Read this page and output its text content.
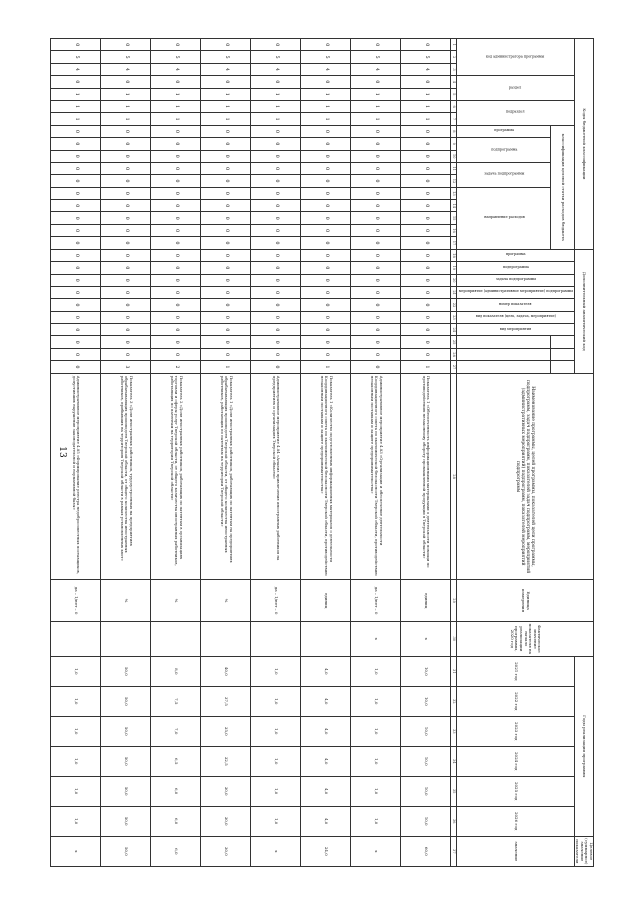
13
Коды бюджетной классификации																	Дополнительный аналитический код										Наименование программы, целей программы, показателей цели программы, подпрограмм, задач подпрограмм, показателей задач подпрограмм, мероприятий (административных мероприятий) подпрограмм, показателей мероприятий подпрограмм	Единица измерения	Фактическое значение показателя на начало реализации программы, 2020 год	Годы реализации программы						Целевое (суммарное) значение показателя
код администратора программы			раздел		подраздел		классификация целевой статьи расходов бюджета										программа	подпрограмма	задача подпрограммы	мероприятие (административное мероприятие) подпрограммы	номер показателя	вид показателя (цель, задача, мероприятие)	вид мероприятия							2021 год	2022 год	2023 год	2024 год	2025 год	2026 год	значение
							программа	подпрограмма		задача подпрограммы		направление расходов																								
1	2	3	4	5	6	7	8	9	10	11	12	13	14	15	16	17	18	19	20	21	22	23	24	25	26	27	28	29	30	31	32	33	34	35	36	37
0	5	4	0	1	1	1	0	0	0	0	0	0	0	0	0	0	0	0	0	0	0	0	0	0	0	1	Показатель 1 «Обеспеченность информационными материалами о деятельности помощи по противодействию незаконному обороту промышленной продукции в Тверской области»	единиц	x	10,0	10,0	10,0	10,0	10,0	10,0	60,0
0	5	4	0	1	1	1	0	0	0	0	0	0	0	0	0	0	0	0	0	0	0	0	0	0	0	0	Административное мероприятие 4.03 «Организация и обеспечение деятельности Координационного совета по экономической безопасности Тверской области, противодействию незаконным поставкам и защите предпринимательства»	да – 1/нет – 0	x	1,0	1,0	1,0	1,0	1,0	1,0	x
0	5	4	0	1	1	1	0	0	0	0	0	0	0	0	0	0	0	0	0	0	0	0	0	0	0	1	Показатель 1 «Количество подготовленных информационных материалов о деятельности Координационного совета по экономической безопасности Тверской области, противодействию незаконным поставкам и защите предпринимательства»	единиц		4,0	4,0	4,0	4,0	4,0	4,0	24,0
0	5	4	0	1	1	1	0	0	0	0	0	0	0	0	0	0	0	0	0	0	0	0	0	0	0	0	Административное мероприятие 4.04 «Анализ привлечения иностранных работников на предприятиях и организациях Тверской области»	да – 1/нет – 0		1,0	1,0	1,0	1,0	1,0	1,0	x
0	5	4	0	1	1	1	0	0	0	0	0	0	0	0	0	0	0	0	0	0	0	0	0	0	0	1	Показатель 1 «Доля иностранных работников, работающих по патентам на предприятиях обрабатывающих производств Тверской области, от общего количества иностранных работников, работающих по патентам на территории Тверской области»	%		40,0	37,5	35,0	32,5	30,0	30,0	30,0
0	5	4	0	1	1	1	0	0	0	0	0	0	0	0	0	0	0	0	0	0	0	0	0	0	0	2	Показатель 2 «Доля иностранных работников, работающих по патентам в организациях торговли и сферы услуг Тверской области, от общего количества иностранных работников, работающих по патентам на территории Тверской области»	%		8,0	7,5	7,0	6,5	6,0	6,0	6,0
0	5	4	0	1	1	1	0	0	0	0	0	0	0	0	0	0	0	0	0	0	0	0	0	0	0	3	Показатель 3 «Доля иностранных работников, трудоустроенных на предприятиях обрабатывающих производств Тверской области, от общего количества иностранных работников, прибывших на территорию Тверской области в рамках установленных квот»	%		50,0	50,0	50,0	50,0	50,0	50,0	50,0
0	5	4	0	1	1	1	0	0	0	0	0	0	0	0	0	0	0	0	0	0	0	0	0	0	0	0	Административное мероприятие 4.05 «Формирование реестра недобросовестных поставщиков, допустивших нарушения законодательной и нормативной базы»	да – 1/нет – 0		1,0	1,0	1,0	1,0	1,0	1,0	x
